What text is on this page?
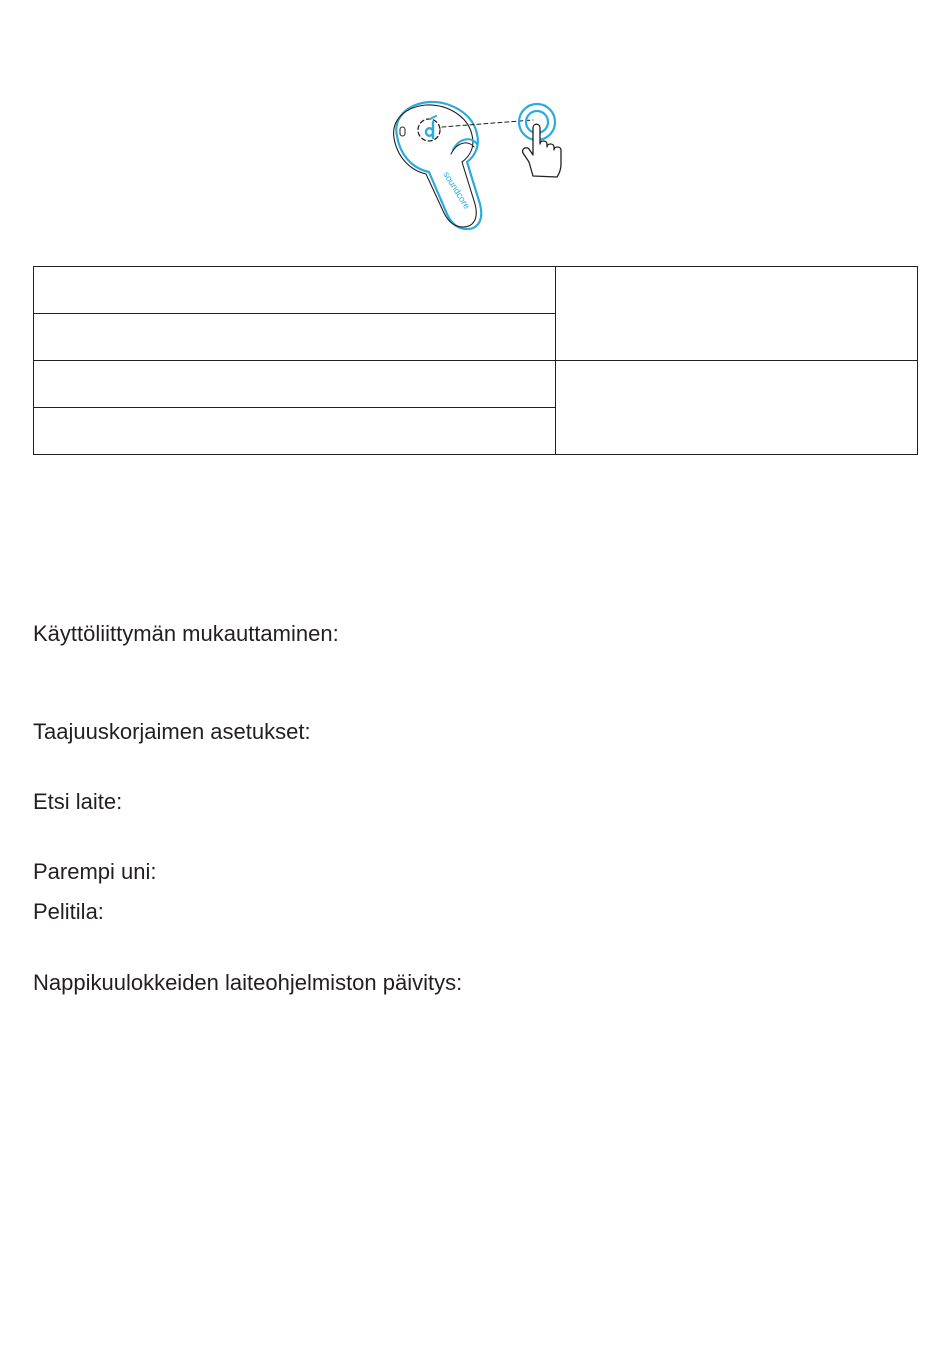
soundcore

Käyttöliittymän mukauttaminen:

Taajuuskorjaimen asetukset:

Etsi laite:

Parempi uni:

Pelitila:

Nappikuulokkeiden laiteohjelmiston päivitys:
